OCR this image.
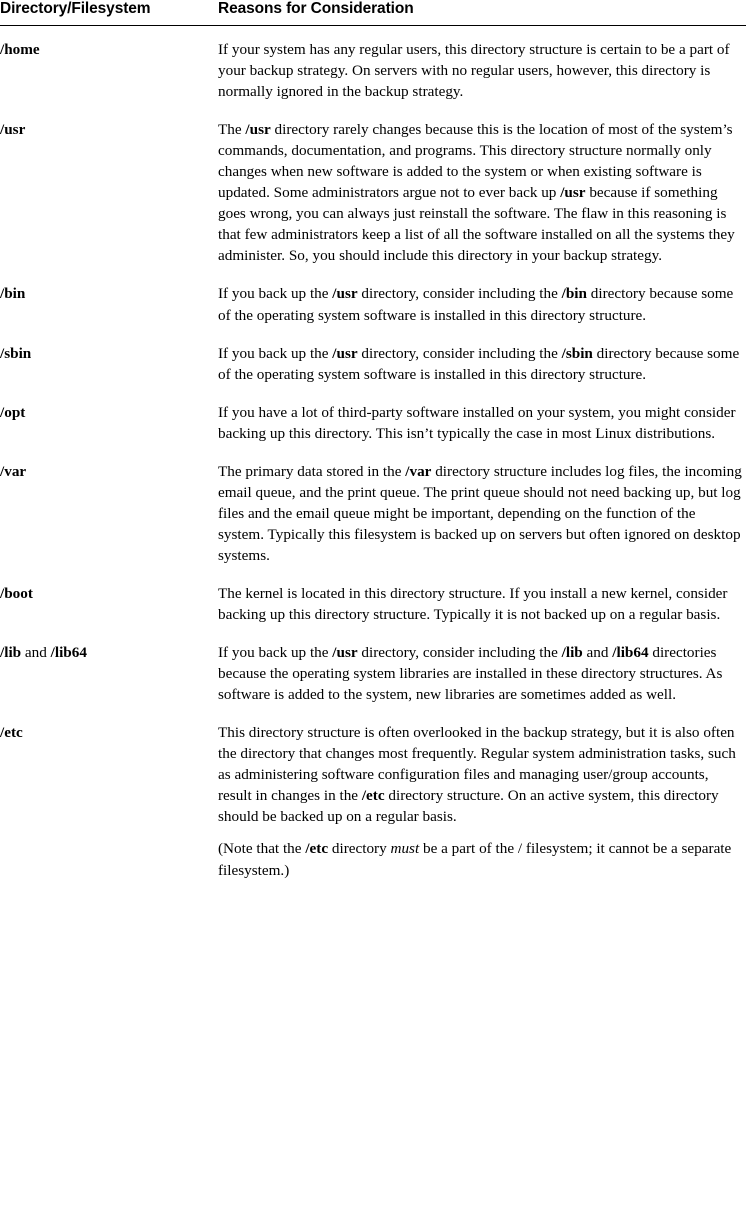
Directory/Filesystem	Reasons for Consideration
/home	If your system has any regular users, this directory structure is certain to be a part of your backup strategy. On servers with no regular users, however, this directory is normally ignored in the backup strategy.

/usr	The /usr directory rarely changes because this is the location of most of the system’s commands, documentation, and programs. This directory structure normally only changes when new software is added to the system or when existing software is updated. Some administrators argue not to ever back up /usr because if something goes wrong, you can always just reinstall the software. The flaw in this reasoning is that few administrators keep a list of all the software installed on all the systems they administer. So, you should include this directory in your backup strategy.

/bin	If you back up the /usr directory, consider including the /bin directory because some of the operating system software is installed in this directory structure.

/sbin	If you back up the /usr directory, consider including the /sbin directory because some of the operating system software is installed in this directory structure.

/opt	If you have a lot of third-party software installed on your system, you might consider backing up this directory. This isn’t typically the case in most Linux distributions.

/var	The primary data stored in the /var directory structure includes log files, the incoming email queue, and the print queue. The print queue should not need backing up, but log files and the email queue might be important, depending on the function of the system. Typically this filesystem is backed up on servers but often ignored on desktop systems.

/boot	The kernel is located in this directory structure. If you install a new kernel, consider backing up this directory structure. Typically it is not backed up on a regular basis.

/lib and /lib64	If you back up the /usr directory, consider including the /lib and /lib64 directories because the operating system libraries are installed in these directory structures. As software is added to the system, new libraries are sometimes added as well.

/etc	This directory structure is often overlooked in the backup strategy, but it is also often the directory that changes most frequently. Regular system administration tasks, such as administering software configuration files and managing user/group accounts, result in changes in the /etc directory structure. On an active system, this directory should be backed up on a regular basis.

(Note that the /etc directory must be a part of the / filesystem; it cannot be a separate filesystem.)
